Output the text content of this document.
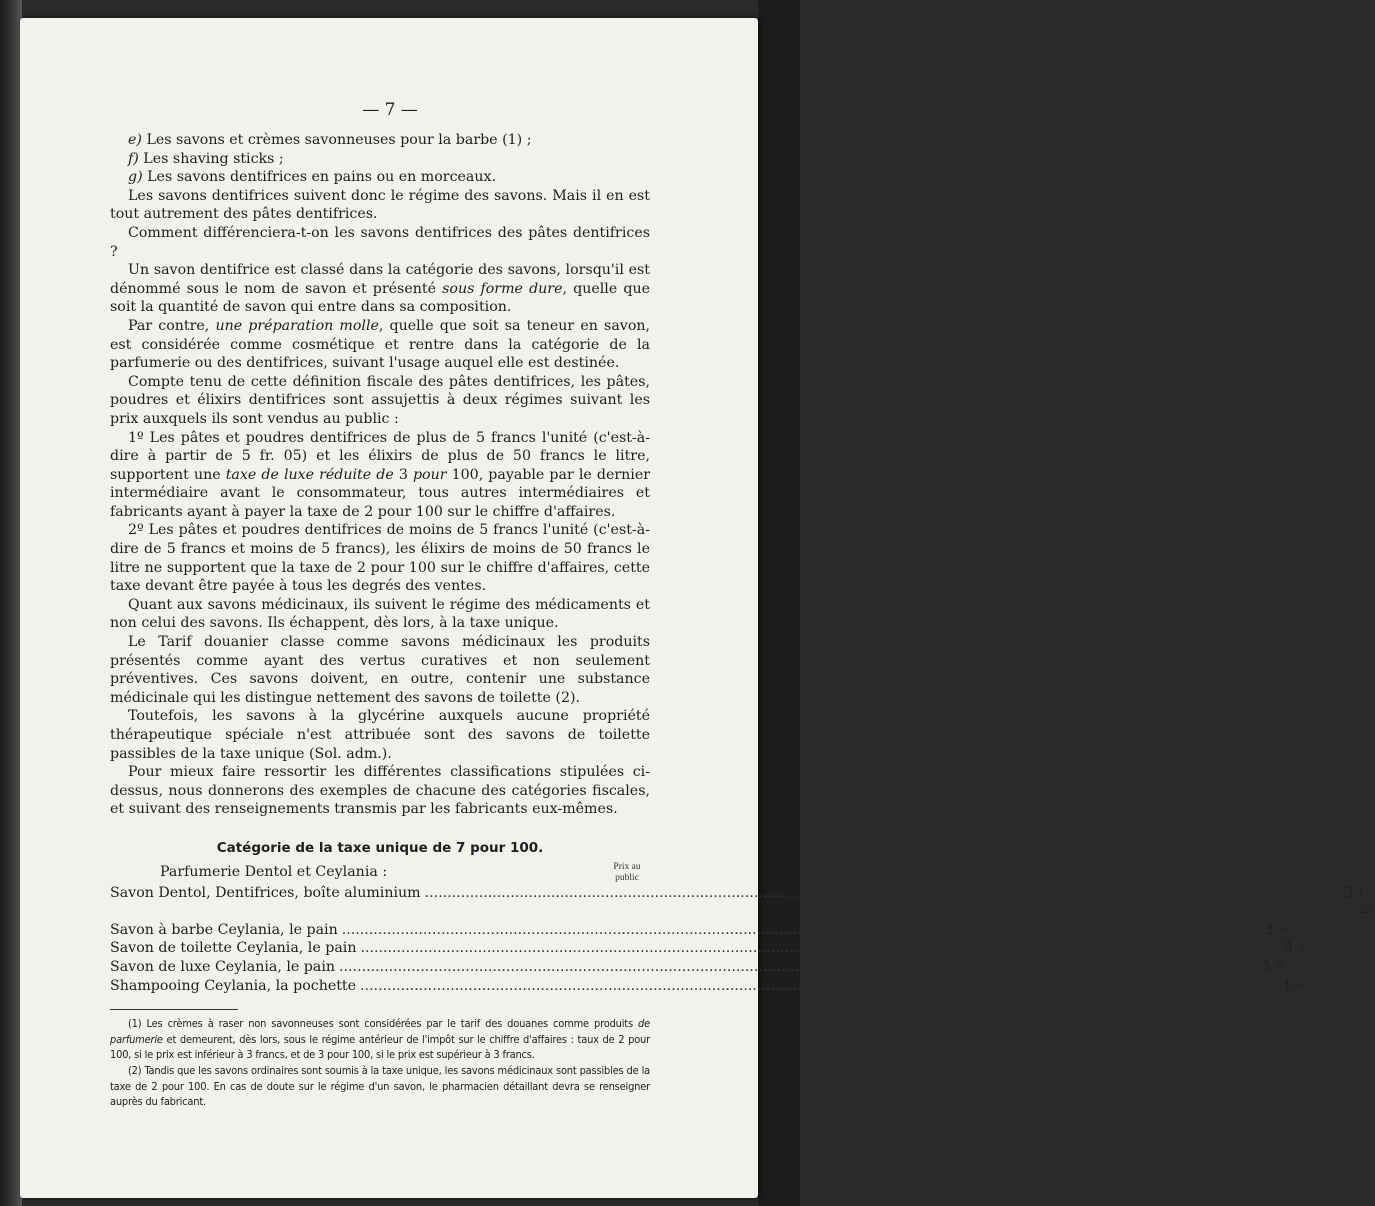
— 7 —

e) Les savons et crèmes savonneuses pour la barbe (1) ;

f) Les shaving sticks ;

g) Les savons dentifrices en pains ou en morceaux.

Les savons dentifrices suivent donc le régime des savons. Mais il en est tout autrement des pâtes dentifrices.

Comment différenciera-t-on les savons dentifrices des pâtes dentifrices ?

Un savon dentifrice est classé dans la catégorie des savons, lorsqu'il est dénommé sous le nom de savon et présenté sous forme dure, quelle que soit la quantité de savon qui entre dans sa composition.

Par contre, une préparation molle, quelle que soit sa teneur en savon, est considérée comme cosmétique et rentre dans la catégorie de la parfumerie ou des dentifrices, suivant l'usage auquel elle est destinée.

Compte tenu de cette définition fiscale des pâtes dentifrices, les pâtes, poudres et élixirs dentifrices sont assujettis à deux régimes suivant les prix auxquels ils sont vendus au public :

1º Les pâtes et poudres dentifrices de plus de 5 francs l'unité (c'est-à-dire à partir de 5 fr. 05) et les élixirs de plus de 50 francs le litre, supportent une taxe de luxe réduite de 3 pour 100, payable par le dernier intermédiaire avant le consommateur, tous autres intermédiaires et fabricants ayant à payer la taxe de 2 pour 100 sur le chiffre d'affaires.

2º Les pâtes et poudres dentifrices de moins de 5 francs l'unité (c'est-à-dire de 5 francs et moins de 5 francs), les élixirs de moins de 50 francs le litre ne supportent que la taxe de 2 pour 100 sur le chiffre d'affaires, cette taxe devant être payée à tous les degrés des ventes.

Quant aux savons médicinaux, ils suivent le régime des médicaments et non celui des savons. Ils échappent, dès lors, à la taxe unique.

Le Tarif douanier classe comme savons médicinaux les produits présentés comme ayant des vertus curatives et non seulement préventives. Ces savons doivent, en outre, contenir une substance médicinale qui les distingue nettement des savons de toilette (2).

Toutefois, les savons à la glycérine auxquels aucune propriété thérapeutique spéciale n'est attribuée sont des savons de toilette passibles de la taxe unique (Sol. adm.).

Pour mieux faire ressortir les différentes classifications stipulées ci-dessus, nous donnerons des exemples de chacune des catégories fiscales, et suivant des renseignements transmis par les fabricants eux-mêmes.

Catégorie de la taxe unique de 7 pour 100.
Parfumerie Dentol et Ceylania :	Prix au public
Savon Dentol, Dentifrices, boîte aluminium ........................................................................................................................................................................................................	3 f 25
Savon à barbe Ceylania, le pain ........................................................................................................................................................................................................	3 »
Savon de toilette Ceylania, le pain ........................................................................................................................................................................................................	3 »
Savon de luxe Ceylania, le pain ........................................................................................................................................................................................................	5 »
Shampooing Ceylania, la pochette ........................................................................................................................................................................................................	1 »

(1) Les crèmes à raser non savonneuses sont considérées par le tarif des douanes comme produits de parfumerie et demeurent, dès lors, sous le régime antérieur de l'impôt sur le chiffre d'affaires : taux de 2 pour 100, si le prix est inférieur à 3 francs, et de 3 pour 100, si le prix est supérieur à 3 francs.

(2) Tandis que les savons ordinaires sont soumis à la taxe unique, les savons médicinaux sont passibles de la taxe de 2 pour 100. En cas de doute sur le régime d'un savon, le pharmacien détaillant devra se renseigner auprès du fabricant.
